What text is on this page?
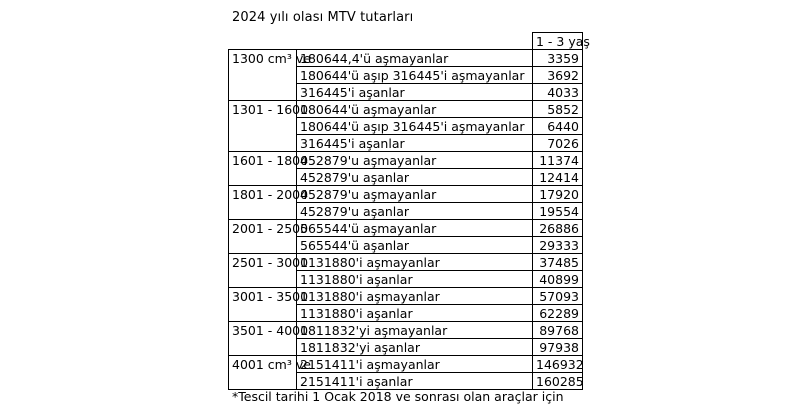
2024 yılı olası MTV tutarları
		1 - 3 yaş
1300 cm³ ve	180644,4'ü aşmayanlar	3359
	180644'ü aşıp 316445'i aşmayanlar	3692
	316445'i aşanlar	4033
1301 - 1600	180644'ü aşmayanlar	5852
	180644'ü aşıp 316445'i aşmayanlar	6440
	316445'i aşanlar	7026
1601 - 1800	452879'u aşmayanlar	11374
	452879'u aşanlar	12414
1801 - 2000	452879'u aşmayanlar	17920
	452879'u aşanlar	19554
2001 - 2500	565544'ü aşmayanlar	26886
	565544'ü aşanlar	29333
2501 - 3000	1131880'i aşmayanlar	37485
	1131880'i aşanlar	40899
3001 - 3500	1131880'i aşmayanlar	57093
	1131880'i aşanlar	62289
3501 - 4000	1811832'yi aşmayanlar	89768
	1811832'yi aşanlar	97938
4001 cm³ ve	2151411'i aşmayanlar	146932
	2151411'i aşanlar	160285
*Tescil tarihi 1 Ocak 2018 ve sonrası olan araçlar için
